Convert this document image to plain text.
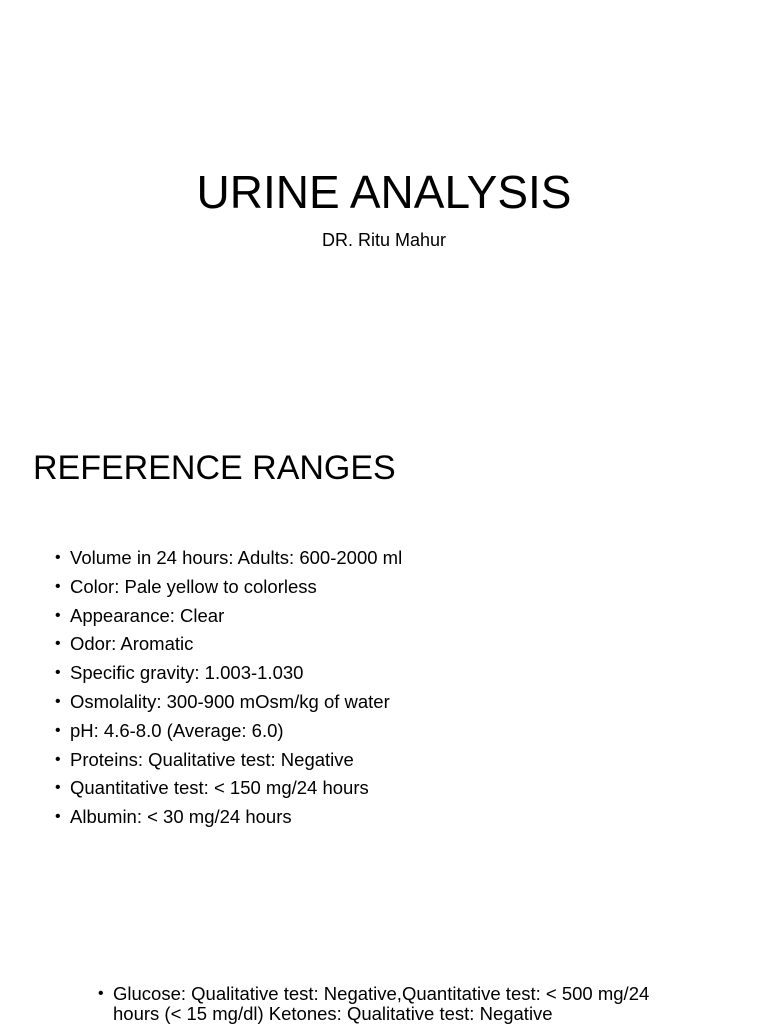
URINE ANALYSIS
DR. Ritu Mahur
REFERENCE RANGES
• Volume in 24 hours: Adults: 600-2000 ml
• Color: Pale yellow to colorless
• Appearance: Clear
• Odor: Aromatic
• Specific gravity: 1.003-1.030
• Osmolality: 300-900 mOsm/kg of water
• pH: 4.6-8.0 (Average: 6.0)
• Proteins: Qualitative test: Negative
• Quantitative test: < 150 mg/24 hours
• Albumin: < 30 mg/24 hours
• Glucose: Qualitative test: Negative,Quantitative test: < 500 mg/24 hours (< 15 mg/dl) Ketones: Qualitative test: Negative
